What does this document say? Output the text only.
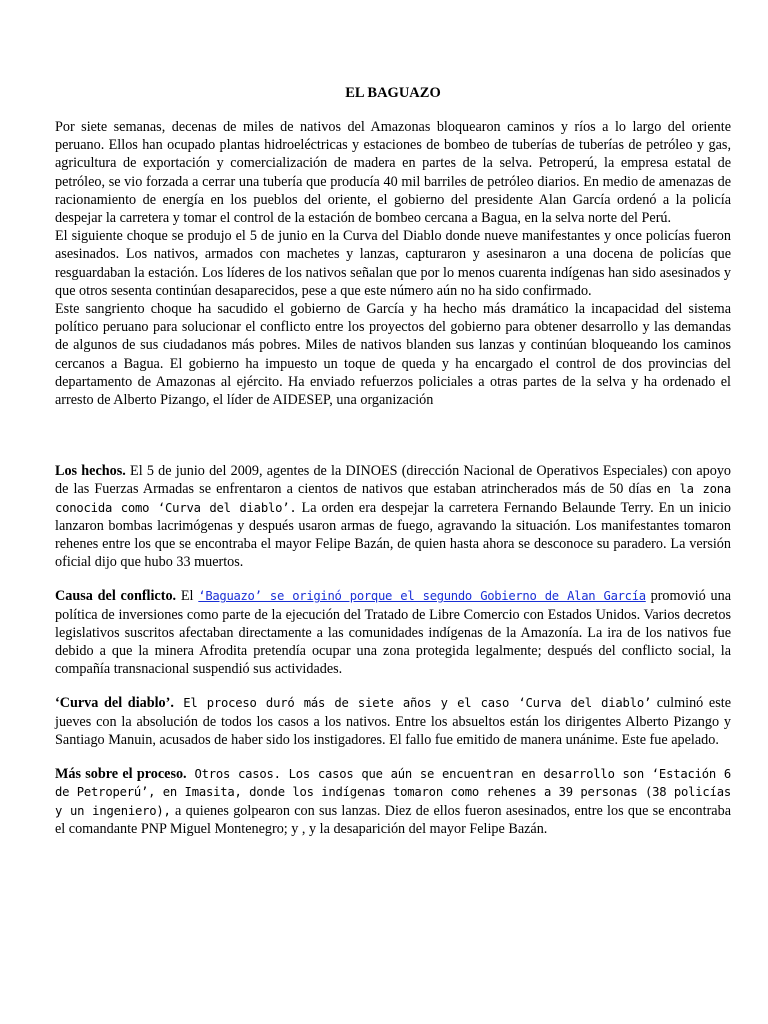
EL BAGUAZO

Por siete semanas, decenas de miles de nativos del Amazonas bloquearon caminos y ríos a lo largo del oriente peruano. Ellos han ocupado plantas hidroeléctricas y estaciones de bombeo de tuberías de tuberías de petróleo y gas, agricultura de exportación y comercialización de madera en partes de la selva. Petroperú, la empresa estatal de petróleo, se vio forzada a cerrar una tubería que producía 40 mil barriles de petróleo diarios. En medio de amenazas de racionamiento de energía en los pueblos del oriente, el gobierno del presidente Alan García ordenó a la policía despejar la carretera y tomar el control de la estación de bombeo cercana a Bagua, en la selva norte del Perú.

El siguiente choque se produjo el 5 de junio en la Curva del Diablo donde nueve manifestantes y once policías fueron asesinados. Los nativos, armados con machetes y lanzas, capturaron y asesinaron a una docena de policías que resguardaban la estación. Los líderes de los nativos señalan que por lo menos cuarenta indígenas han sido asesinados y que otros sesenta continúan desaparecidos, pese a que este número aún no ha sido confirmado.

Este sangriento choque ha sacudido el gobierno de García y ha hecho más dramático la incapacidad del sistema político peruano para solucionar el conflicto entre los proyectos del gobierno para obtener desarrollo y las demandas de algunos de sus ciudadanos más pobres. Miles de nativos blanden sus lanzas y continúan bloqueando los caminos cercanos a Bagua. El gobierno ha impuesto un toque de queda y ha encargado el control de dos provincias del departamento de Amazonas al ejército. Ha enviado refuerzos policiales a otras partes de la selva y ha ordenado el arresto de Alberto Pizango, el líder de AIDESEP, una organización

Los hechos. El 5 de junio del 2009, agentes de la DINOES (dirección Nacional de Operativos Especiales) con apoyo de las Fuerzas Armadas se enfrentaron a cientos de nativos que estaban atrincherados más de 50 días en la zona conocida como ‘Curva del diablo’. La orden era despejar la carretera Fernando Belaunde Terry. En un inicio lanzaron bombas lacrimógenas y después usaron armas de fuego, agravando la situación. Los manifestantes tomaron rehenes entre los que se encontraba el mayor Felipe Bazán, de quien hasta ahora se desconoce su paradero. La versión oficial dijo que hubo 33 muertos.

Causa del conflicto. El ‘Baguazo’ se originó porque el segundo Gobierno de Alan García promovió una política de inversiones como parte de la ejecución del Tratado de Libre Comercio con Estados Unidos. Varios decretos legislativos suscritos afectaban directamente a las comunidades indígenas de la Amazonía. La ira de los nativos fue debido a que la minera Afrodita pretendía ocupar una zona protegida legalmente; después del conflicto social, la compañía transnacional suspendió sus actividades.

‘Curva del diablo’. El proceso duró más de siete años y el caso ‘Curva del diablo’ culminó este jueves con la absolución de todos los casos a los nativos. Entre los absueltos están los dirigentes Alberto Pizango y Santiago Manuin, acusados de haber sido los instigadores. El fallo fue emitido de manera unánime. Este fue apelado.

Más sobre el proceso. Otros casos. Los casos que aún se encuentran en desarrollo son ‘Estación 6 de Petroperú’, en Imasita, donde los indígenas tomaron como rehenes a 39 personas (38 policías y un ingeniero), a quienes golpearon con sus lanzas. Diez de ellos fueron asesinados, entre los que se encontraba el comandante PNP Miguel Montenegro; y , y la desaparición del mayor Felipe Bazán.
